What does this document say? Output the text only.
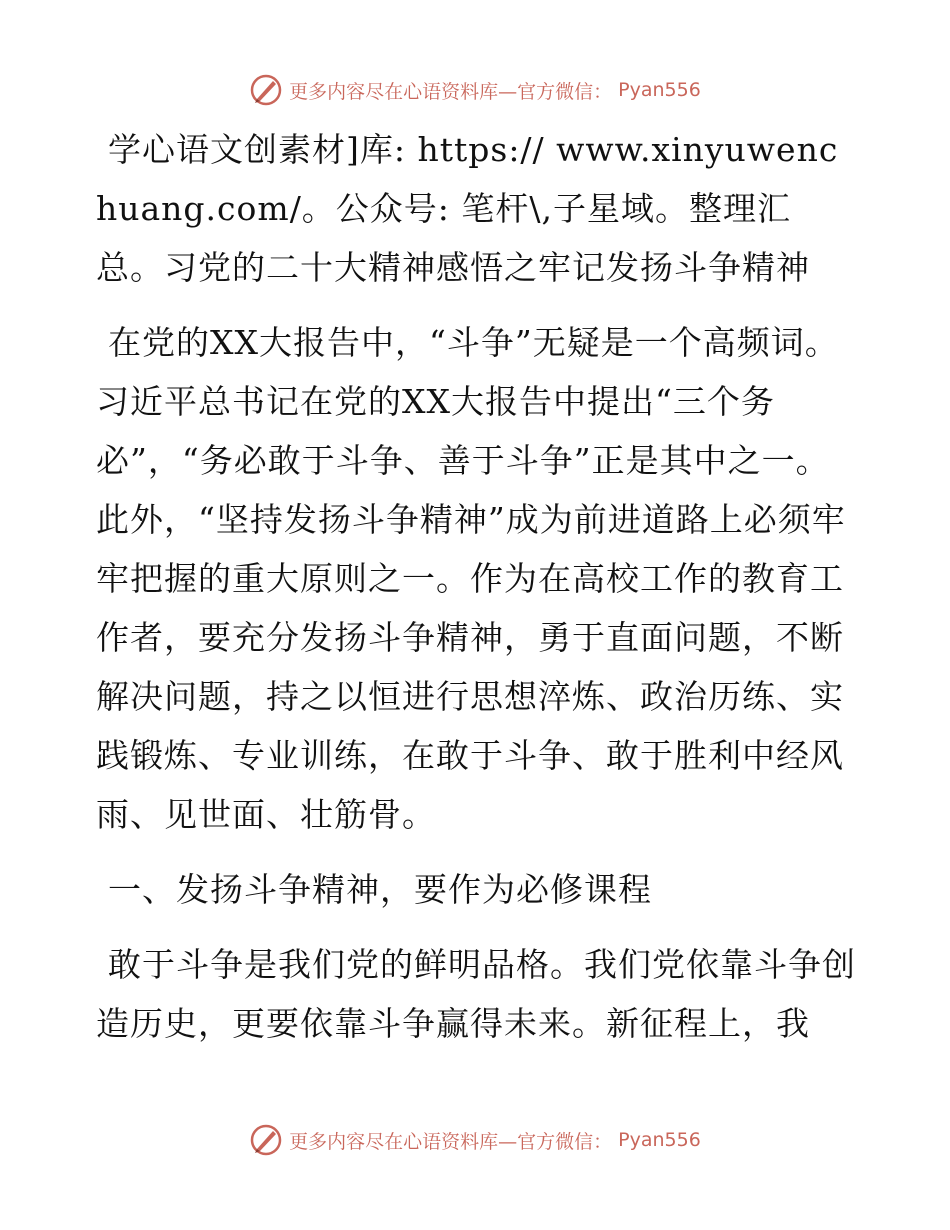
更多内容尽在心语资料库—官方微信： Pyan556

学心语文创素材]库: https:// www.xinyuwenchuang.com/。公众号: 笔杆\,子星域。整理汇总。习党的二十大精神感悟之牢记发扬斗争精神

在党的XX大报告中，“斗争”无疑是一个高频词。习近平总书记在党的XX大报告中提出“三个务必”，“务必敢于斗争、善于斗争”正是其中之一。此外，“坚持发扬斗争精神”成为前进道路上必须牢牢把握的重大原则之一。作为在高校工作的教育工作者，要充分发扬斗争精神，勇于直面问题，不断解决问题，持之以恒进行思想淬炼、政治历练、实践锻炼、专业训练，在敢于斗争、敢于胜利中经风雨、见世面、壮筋骨。

一、发扬斗争精神，要作为必修课程

敢于斗争是我们党的鲜明品格。我们党依靠斗争创造历史，更要依靠斗争赢得未来。新征程上，我

更多内容尽在心语资料库—官方微信： Pyan556
